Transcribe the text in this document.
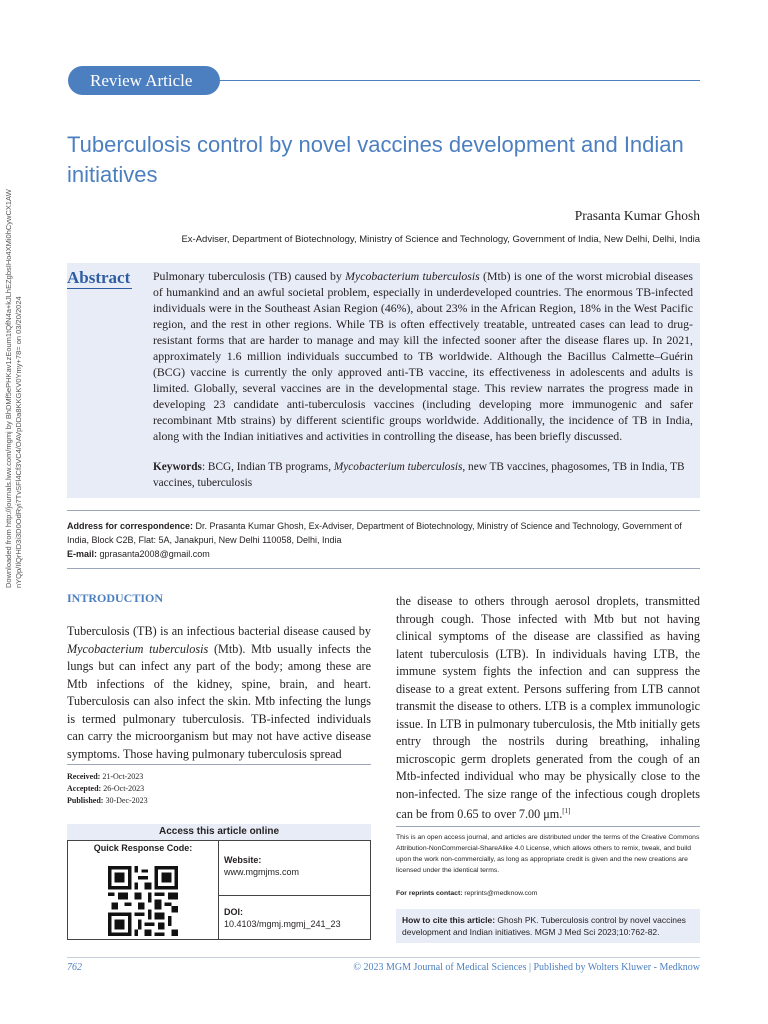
Review Article
Downloaded from http://journals.lww.com/mgmj by BhDMf5ePHKav1zEoum1tQfN4a+kJLhEZgbsIHo4XMi0hCywCX1AW nYQp/IlQrHD3i3D0OdRyi7TvSFl4Cf3VC4/OAVpDDa8KKGKV0Ymy+78= on 03/20/2024
Tuberculosis control by novel vaccines development and Indian initiatives
Prasanta Kumar Ghosh
Ex-Adviser, Department of Biotechnology, Ministry of Science and Technology, Government of India, New Delhi, Delhi, India
Abstract	Pulmonary tuberculosis (TB) caused by Mycobacterium tuberculosis (Mtb) is one of the worst microbial diseases of humankind and an awful societal problem, especially in underdeveloped countries. The enormous TB-infected individuals were in the Southeast Asian Region (46%), about 23% in the African Region, 18% in the West Pacific region, and the rest in other regions. While TB is often effectively treatable, untreated cases can lead to drug-resistant forms that are harder to manage and may kill the infected sooner after the disease flares up. In 2021, approximately 1.6 million individuals succumbed to TB worldwide. Although the Bacillus Calmette–Guérin (BCG) vaccine is currently the only approved anti-TB vaccine, its effectiveness in adolescents and adults is limited. Globally, several vaccines are in the developmental stage. This review narrates the progress made in developing 23 candidate anti-tuberculosis vaccines (including developing more immunogenic and safer recombinant Mtb strains) by different scientific groups worldwide. Additionally, the incidence of TB in India, along with the Indian initiatives and activities in controlling the disease, has been briefly discussed.
Keywords: BCG, Indian TB programs, Mycobacterium tuberculosis, new TB vaccines, phagosomes, TB in India, TB vaccines, tuberculosis
Address for correspondence: Dr. Prasanta Kumar Ghosh, Ex-Adviser, Department of Biotechnology, Ministry of Science and Technology, Government of India, Block C2B, Flat: 5A, Janakpuri, New Delhi 110058, Delhi, India
E-mail: gprasanta2008@gmail.com
INTRODUCTION
Tuberculosis (TB) is an infectious bacterial disease caused by Mycobacterium tuberculosis (Mtb). Mtb usually infects the lungs but can infect any part of the body; among these are Mtb infections of the kidney, spine, brain, and heart. Tuberculosis can also infect the skin. Mtb infecting the lungs is termed pulmonary tuberculosis. TB-infected individuals can carry the microorganism but may not have active disease symptoms. Those having pulmonary tuberculosis spread
the disease to others through aerosol droplets, transmitted through cough. Those infected with Mtb but not having clinical symptoms of the disease are classified as having latent tuberculosis (LTB). In individuals having LTB, the immune system fights the infection and can suppress the disease to a great extent. Persons suffering from LTB cannot transmit the disease to others. LTB is a complex immunologic issue. In LTB in pulmonary tuberculosis, the Mtb initially gets entry through the nostrils during breathing, inhaling microscopic germ droplets generated from the cough of an Mtb-infected individual who may be physically close to the non-infected. The size range of the infectious cough droplets can be from 0.65 to over 7.00 μm.[1]
Received: 21-Oct-2023
Accepted: 26-Oct-2023
Published: 30-Dec-2023
Access this article online
Quick Response Code:
Website:
www.mgmjms.com
DOI:
10.4103/mgmj.mgmj_241_23
This is an open access journal, and articles are distributed under the terms of the Creative Commons Attribution-NonCommercial-ShareAlike 4.0 License, which allows others to remix, tweak, and build upon the work non-commercially, as long as appropriate credit is given and the new creations are licensed under the identical terms.
For reprints contact: reprints@medknow.com
How to cite this article: Ghosh PK. Tuberculosis control by novel vaccines development and Indian initiatives. MGM J Med Sci 2023;10:762-82.
762	© 2023 MGM Journal of Medical Sciences | Published by Wolters Kluwer - Medknow
